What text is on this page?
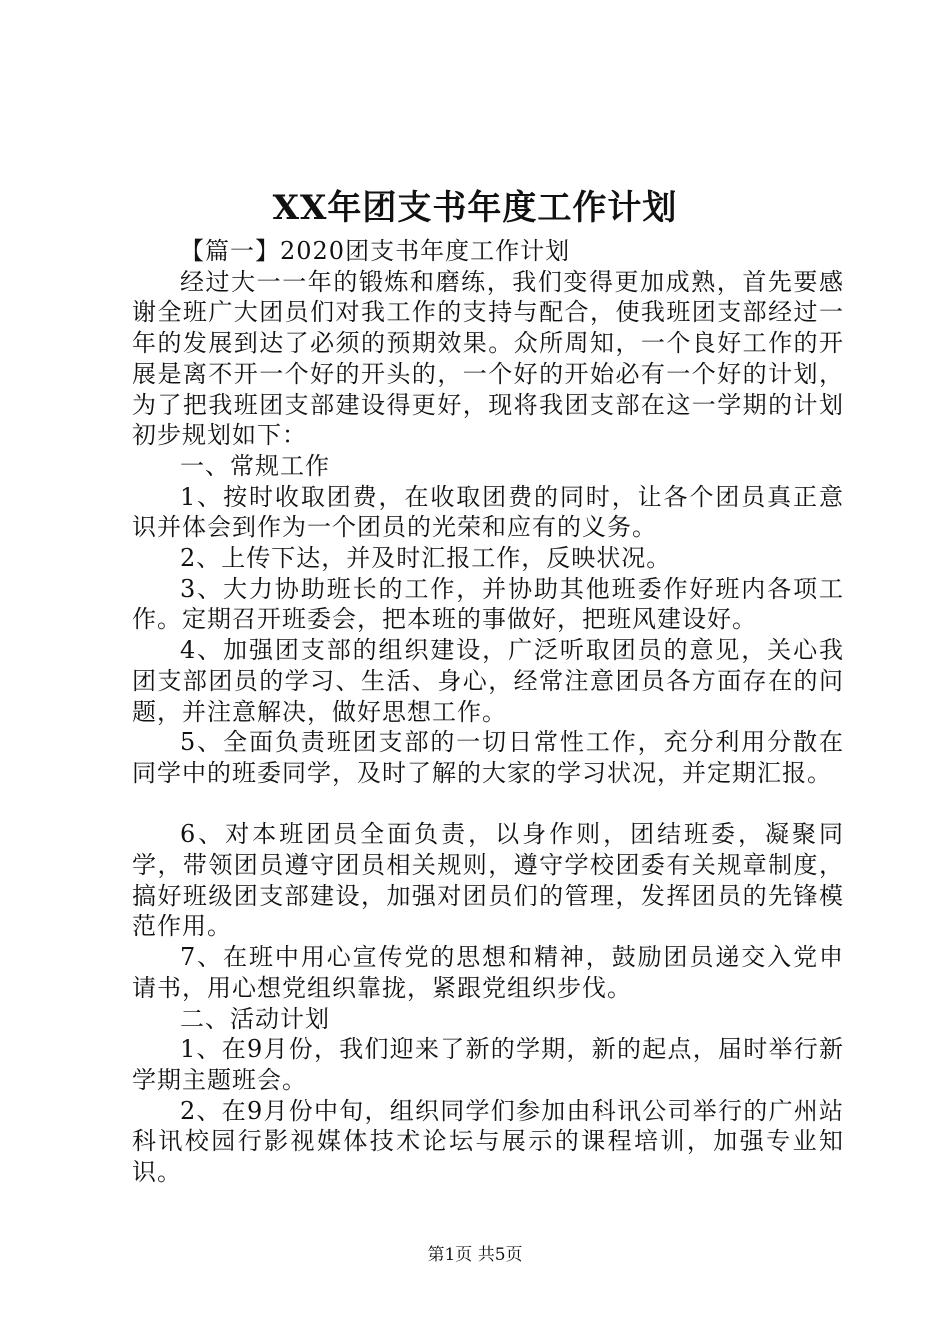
XX年团支书年度工作计划

【篇一】2020团支书年度工作计划

经过大一一年的锻炼和磨练，我们变得更加成熟，首先要感谢全班广大团员们对我工作的支持与配合，使我班团支部经过一年的发展到达了必须的预期效果。众所周知，一个良好工作的开展是离不开一个好的开头的，一个好的开始必有一个好的计划，为了把我班团支部建设得更好，现将我团支部在这一学期的计划初步规划如下：

一、常规工作

1、按时收取团费，在收取团费的同时，让各个团员真正意识并体会到作为一个团员的光荣和应有的义务。

2、上传下达，并及时汇报工作，反映状况。

3、大力协助班长的工作，并协助其他班委作好班内各项工作。定期召开班委会，把本班的事做好，把班风建设好。

4、加强团支部的组织建设，广泛听取团员的意见，关心我团支部团员的学习、生活、身心，经常注意团员各方面存在的问题，并注意解决，做好思想工作。

5、全面负责班团支部的一切日常性工作，充分利用分散在同学中的班委同学，及时了解的大家的学习状况，并定期汇报。

6、对本班团员全面负责，以身作则，团结班委，凝聚同学，带领团员遵守团员相关规则，遵守学校团委有关规章制度，搞好班级团支部建设，加强对团员们的管理，发挥团员的先锋模范作用。

7、在班中用心宣传党的思想和精神，鼓励团员递交入党申请书，用心想党组织靠拢，紧跟党组织步伐。

二、活动计划

1、在9月份，我们迎来了新的学期，新的起点，届时举行新学期主题班会。

2、在9月份中旬，组织同学们参加由科讯公司举行的广州站科讯校园行影视媒体技术论坛与展示的课程培训，加强专业知识。

第1页 共5页
